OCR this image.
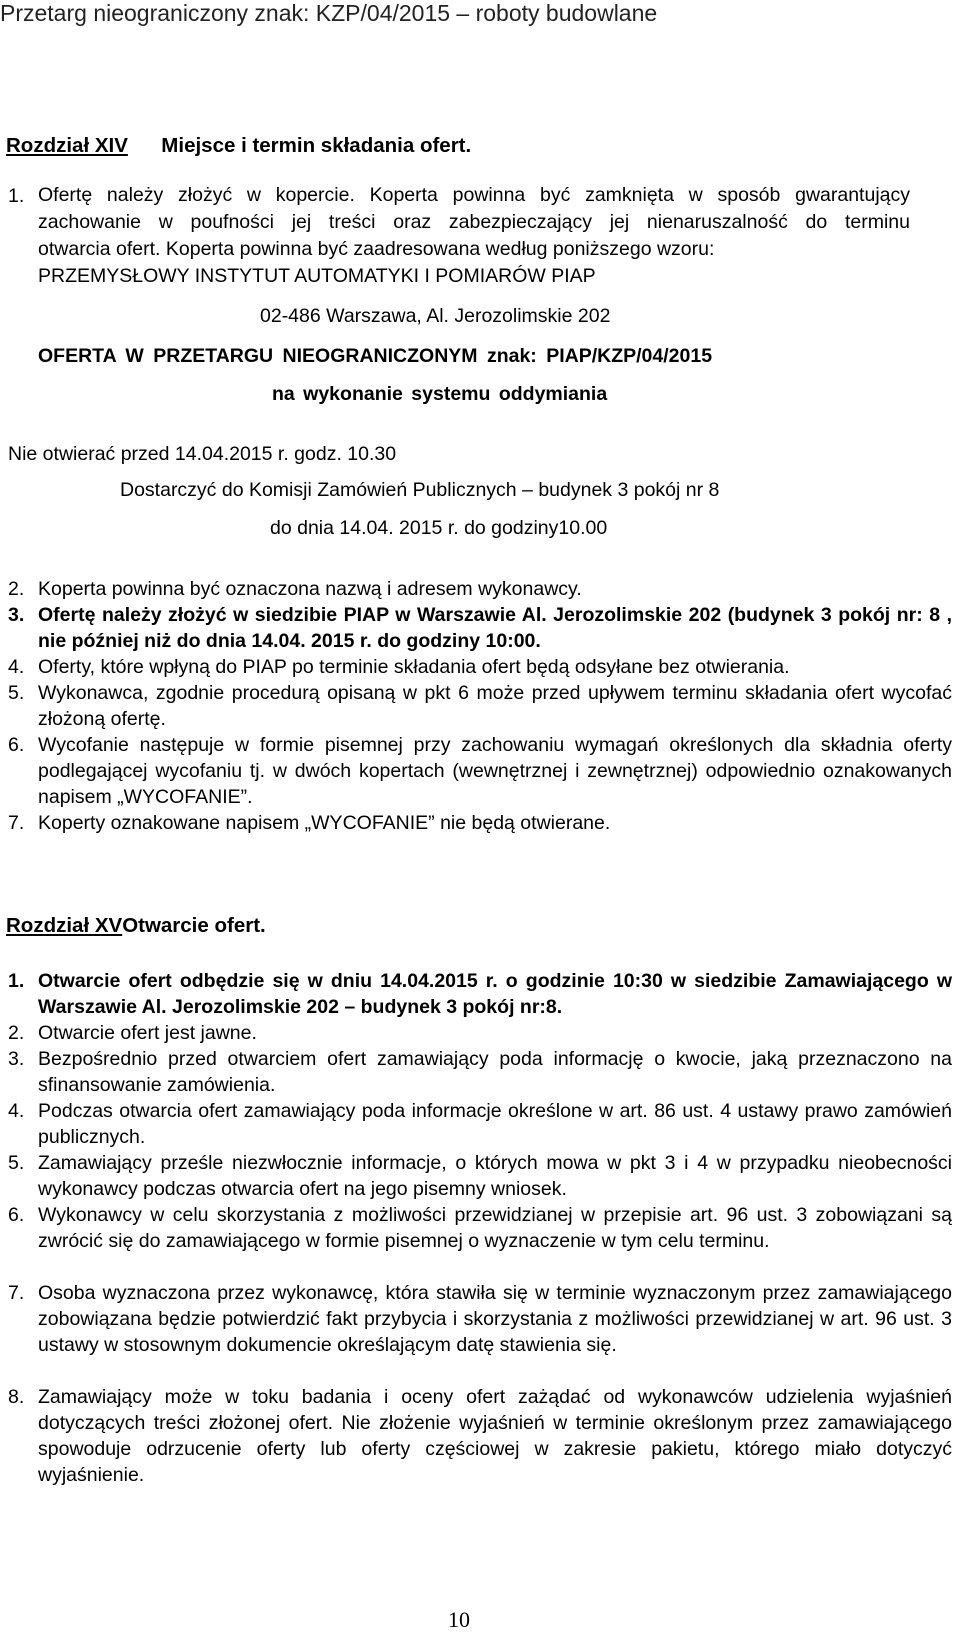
Przetarg nieograniczony znak: KZP/04/2015 – roboty budowlane
Rozdział XIV Miejsce i termin składania ofert.
1. Ofertę należy złożyć w kopercie. Koperta powinna być zamknięta w sposób gwarantujący
zachowanie w poufności jej treści oraz zabezpieczający jej nienaruszalność do terminu
otwarcia ofert. Koperta powinna być zaadresowana według poniższego wzoru:
PRZEMYSŁOWY INSTYTUT AUTOMATYKI I POMIARÓW PIAP
02-486 Warszawa, Al. Jerozolimskie 202
OFERTA W PRZETARGU NIEOGRANICZONYM znak: PIAP/KZP/04/2015
na wykonanie systemu oddymiania
Nie otwierać przed 14.04.2015 r. godz. 10.30
Dostarczyć do Komisji Zamówień Publicznych – budynek 3 pokój nr 8
do dnia 14.04. 2015 r. do godziny10.00
2. Koperta powinna być oznaczona nazwą i adresem wykonawcy.
3. Ofertę należy złożyć w siedzibie PIAP w Warszawie Al. Jerozolimskie 202 (budynek 3 pokój nr: 8 , nie później niż do dnia 14.04. 2015 r. do godziny 10:00.
4. Oferty, które wpłyną do PIAP po terminie składania ofert będą odsyłane bez otwierania.
5. Wykonawca, zgodnie procedurą opisaną w pkt 6 może przed upływem terminu składania ofert wycofać złożoną ofertę.
6. Wycofanie następuje w formie pisemnej przy zachowaniu wymagań określonych dla składnia oferty podlegającej wycofaniu tj. w dwóch kopertach (wewnętrznej i zewnętrznej) odpowiednio oznakowanych napisem „WYCOFANIE”.
7. Koperty oznakowane napisem „WYCOFANIE” nie będą otwierane.
Rozdział XVOtwarcie ofert.
1. Otwarcie ofert odbędzie się w dniu 14.04.2015 r. o godzinie 10:30 w siedzibie Zamawiającego w Warszawie Al. Jerozolimskie 202 – budynek 3 pokój nr:8.
2. Otwarcie ofert jest jawne.
3. Bezpośrednio przed otwarciem ofert zamawiający poda informację o kwocie, jaką przeznaczono na sfinansowanie zamówienia.
4. Podczas otwarcia ofert zamawiający poda informacje określone w art. 86 ust. 4 ustawy prawo zamówień publicznych.
5. Zamawiający prześle niezwłocznie informacje, o których mowa w pkt 3 i 4 w przypadku nieobecności wykonawcy podczas otwarcia ofert na jego pisemny wniosek.
6. Wykonawcy w celu skorzystania z możliwości przewidzianej w przepisie art. 96 ust. 3 zobowiązani są zwrócić się do zamawiającego w formie pisemnej o wyznaczenie w tym celu terminu.
7. Osoba wyznaczona przez wykonawcę, która stawiła się w terminie wyznaczonym przez zamawiającego zobowiązana będzie potwierdzić fakt przybycia i skorzystania z możliwości przewidzianej w art. 96 ust. 3 ustawy w stosownym dokumencie określającym datę stawienia się.
8. Zamawiający może w toku badania i oceny ofert zażądać od wykonawców udzielenia wyjaśnień dotyczących treści złożonej ofert. Nie złożenie wyjaśnień w terminie określonym przez zamawiającego spowoduje odrzucenie oferty lub oferty częściowej w zakresie pakietu, którego miało dotyczyć wyjaśnienie.
10
